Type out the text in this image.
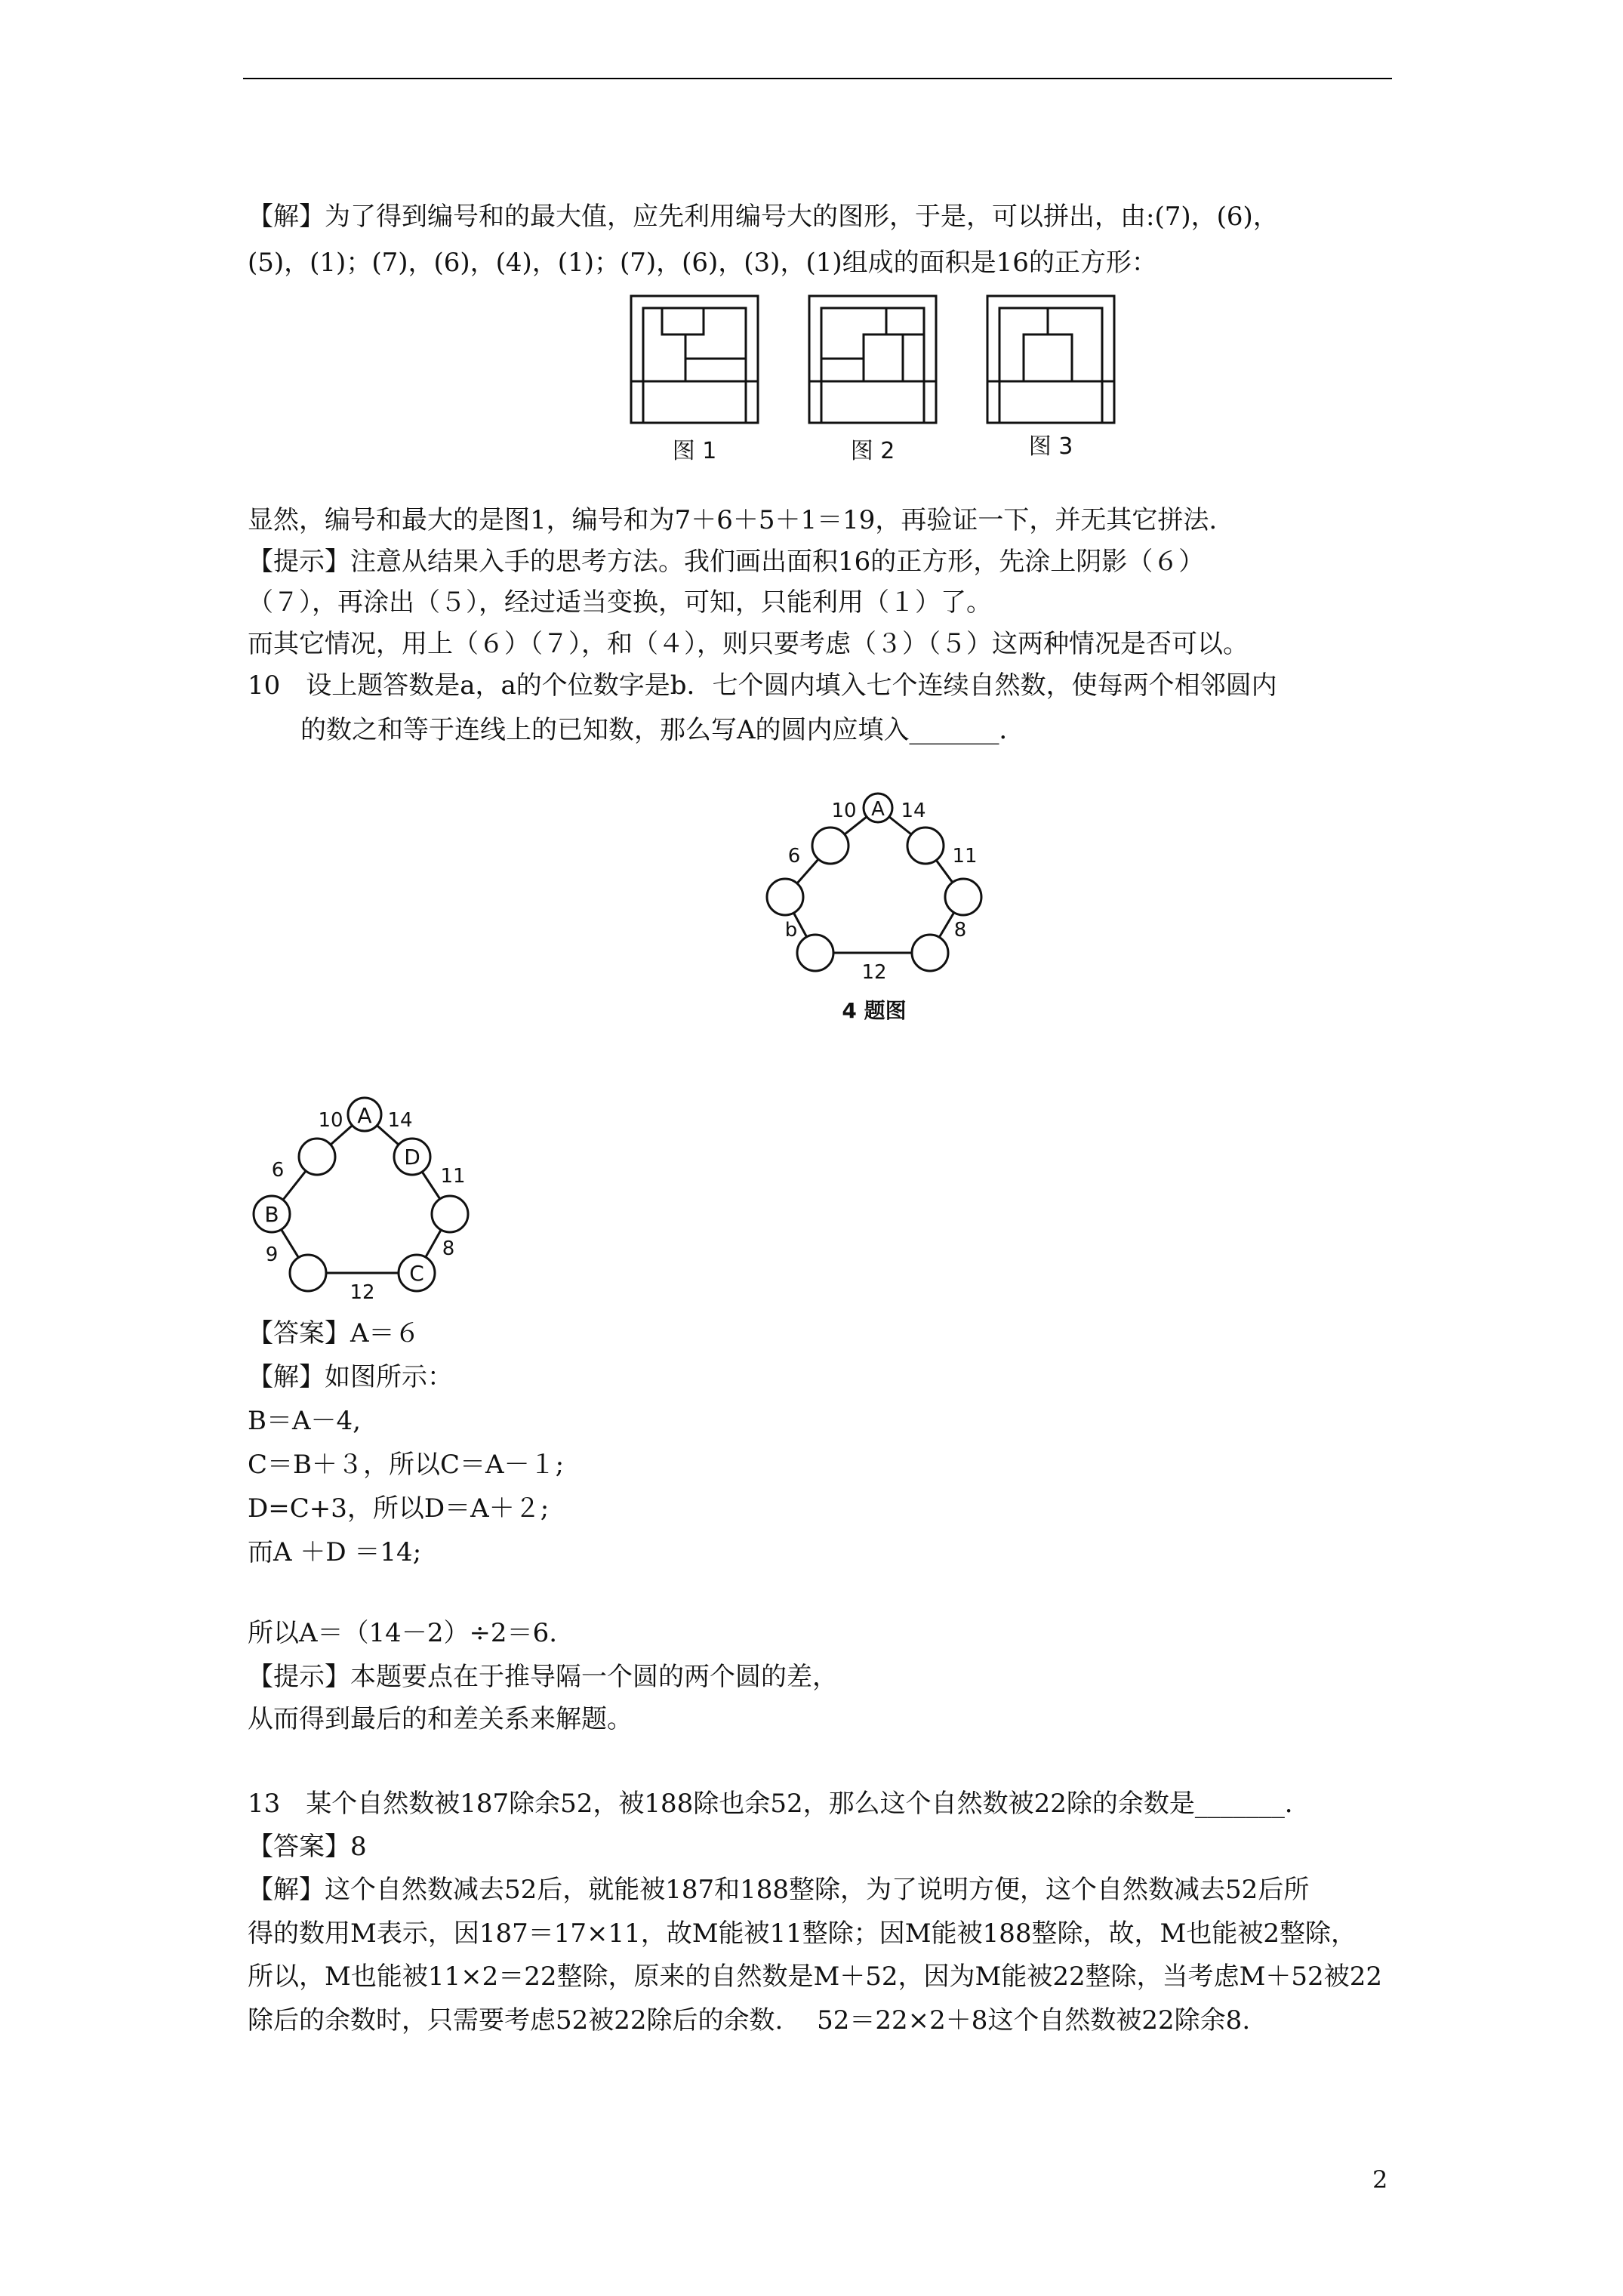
【解】为了得到编号和的最大值，应先利用编号大的图形，于是，可以拼出，由:(7)，(6)，
(5)，(1)；(7)，(6)，(4)，(1)；(7)，(6)，(3)，(1)组成的面积是16的正方形：
图 1	图 2	图 3
显然，编号和最大的是图1，编号和为7＋6＋5＋1＝19，再验证一下，并无其它拼法.
【提示】注意从结果入手的思考方法。我们画出面积16的正方形，先涂上阴影（６）
（７），再涂出（５），经过适当变换，可知，只能利用（１）了。
而其它情况，用上（６）（７），和（４），则只要考虑（３）（５）这两种情况是否可以。
10　设上题答数是a，a的个位数字是b．七个圆内填入七个连续自然数，使每两个相邻圆内
的数之和等于连线上的已知数，那么写A的圆内应填入_______．
A
10 14
6	11
b	8
12
4 题图
A
B
C
D
10 14
6	11
9	8
12
【答案】A＝６
【解】如图所示：
B＝A－4,
C＝B＋３，所以C＝A－１;
D=C+3，所以D＝A＋２;
而A ＋D ＝14;
所以A＝（14－2）÷2＝6.
【提示】本题要点在于推导隔一个圆的两个圆的差，
从而得到最后的和差关系来解题。
13　某个自然数被187除余52，被188除也余52，那么这个自然数被22除的余数是_______．
【答案】8
【解】这个自然数减去52后，就能被187和188整除，为了说明方便，这个自然数减去52后所
得的数用M表示，因187＝17×11，故M能被11整除；因M能被188整除，故，M也能被2整除，
所以，M也能被11×2＝22整除，原来的自然数是M＋52，因为M能被22整除，当考虑M＋52被22
除后的余数时，只需要考虑52被22除后的余数.　 52＝22×2＋8这个自然数被22除余8.
2
